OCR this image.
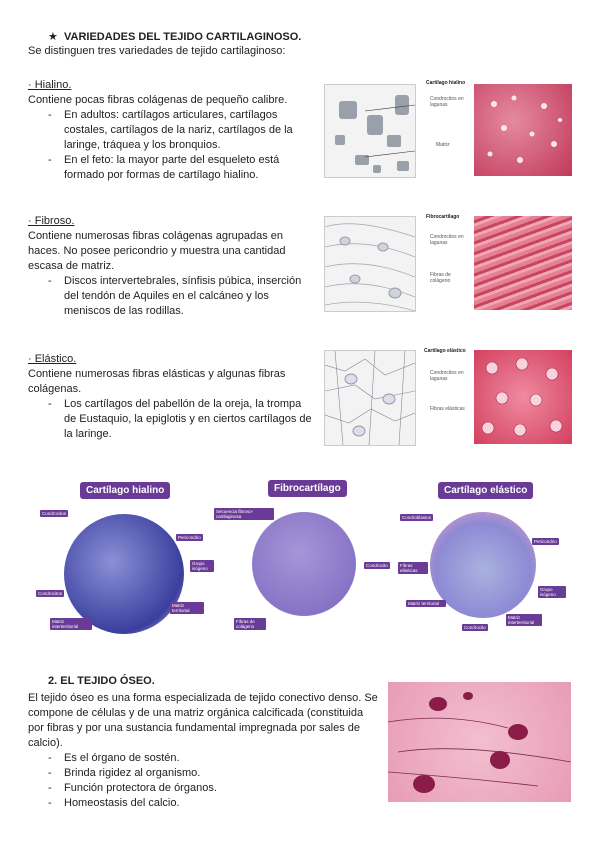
★ VARIEDADES DEL TEJIDO CARTILAGINOSO.
Se distinguen tres variedades de tejido cartilaginoso:
· Hialino.
Contiene pocas fibras colágenas de pequeño calibre.
- En adultos: cartílagos articulares, cartílagos costales, cartílagos de la nariz, cartílagos de la laringe, tráquea y los bronquios.
- En el feto: la mayor parte del esqueleto está formado por formas de cartílago hialino.
Cartílago hialino
Condrocitos en lagunas
Matriz
· Fibroso.
Contiene numerosas fibras colágenas agrupadas en haces. No posee pericondrio y muestra una cantidad escasa de matriz.
- Discos intervertebrales, sínfisis púbica, inserción del tendón de Aquiles en el calcáneo y los meniscos de las rodillas.
Fibrocartílago
Condrocitos en lagunas
Fibras de colágeno
· Elástico.
Contiene numerosas fibras elásticas y algunas fibras colágenas.
- Los cartílagos del pabellón de la oreja, la trompa de Eustaquio, la epiglotis y en ciertos cartílagos de la laringe.
Cartílago elástico
Condrocitos en lagunas
Fibras elásticas
Cartílago hialino	Fibrocartílago	Cartílago elástico
Condrocitos
Pericondrio
Grupo isógeno
Condrocitos
Matriz interterritorial
Matriz territorial
Secuencia fibroso-cartilaginosa
Condrocito
Fibras de colágeno
Condroblastos
Pericondrio
Fibras elásticas
Grupo isógeno
Matriz territorial
Condrocito
Matriz interterritorial
2. EL TEJIDO ÓSEO.
El tejido óseo es una forma especializada de tejido conectivo denso. Se compone de células y de una matriz orgánica calcificada (constituida por fibras y por una sustancia fundamental impregnada por sales de calcio).
- Es el órgano de sostén.
- Brinda rigidez al organismo.
- Función protectora de órganos.
- Homeostasis del calcio.
